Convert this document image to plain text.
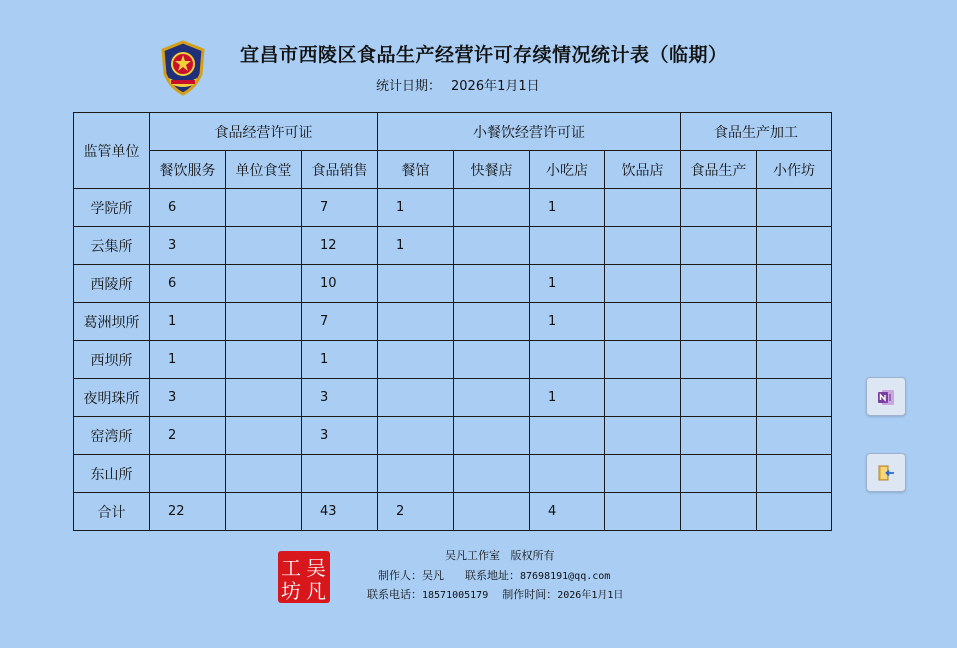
宜昌市西陵区食品生产经营许可存续情况统计表（临期）
统计日期： 2026年1月1日
监管单位	食品经营许可证			小餐饮经营许可证				食品生产加工	
	餐饮服务	单位食堂	食品销售	餐馆	快餐店	小吃店	饮品店	食品生产	小作坊
学院所	6		7	1		1			
云集所	3		12	1					
西陵所	6		10			1			
葛洲坝所	1		7			1			
西坝所	1		1						
夜明珠所	3		3			1			
窑湾所	2		3						
东山所									
合计	22		43	2		4			
工 吴
坊 凡
吴凡工作室 版权所有
制作人：吴凡 联系地址：87698191@qq.com
联系电话：18571005179 制作时间：2026年1月1日
